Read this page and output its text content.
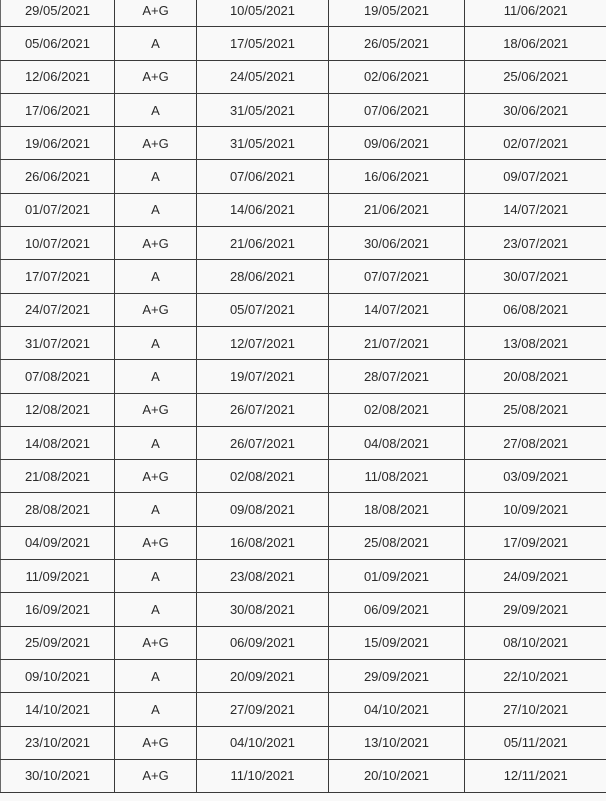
29/05/2021	A+G	10/05/2021	19/05/2021	11/06/2021
05/06/2021	A	17/05/2021	26/05/2021	18/06/2021
12/06/2021	A+G	24/05/2021	02/06/2021	25/06/2021
17/06/2021	A	31/05/2021	07/06/2021	30/06/2021
19/06/2021	A+G	31/05/2021	09/06/2021	02/07/2021
26/06/2021	A	07/06/2021	16/06/2021	09/07/2021
01/07/2021	A	14/06/2021	21/06/2021	14/07/2021
10/07/2021	A+G	21/06/2021	30/06/2021	23/07/2021
17/07/2021	A	28/06/2021	07/07/2021	30/07/2021
24/07/2021	A+G	05/07/2021	14/07/2021	06/08/2021
31/07/2021	A	12/07/2021	21/07/2021	13/08/2021
07/08/2021	A	19/07/2021	28/07/2021	20/08/2021
12/08/2021	A+G	26/07/2021	02/08/2021	25/08/2021
14/08/2021	A	26/07/2021	04/08/2021	27/08/2021
21/08/2021	A+G	02/08/2021	11/08/2021	03/09/2021
28/08/2021	A	09/08/2021	18/08/2021	10/09/2021
04/09/2021	A+G	16/08/2021	25/08/2021	17/09/2021
11/09/2021	A	23/08/2021	01/09/2021	24/09/2021
16/09/2021	A	30/08/2021	06/09/2021	29/09/2021
25/09/2021	A+G	06/09/2021	15/09/2021	08/10/2021
09/10/2021	A	20/09/2021	29/09/2021	22/10/2021
14/10/2021	A	27/09/2021	04/10/2021	27/10/2021
23/10/2021	A+G	04/10/2021	13/10/2021	05/11/2021
30/10/2021	A+G	11/10/2021	20/10/2021	12/11/2021
